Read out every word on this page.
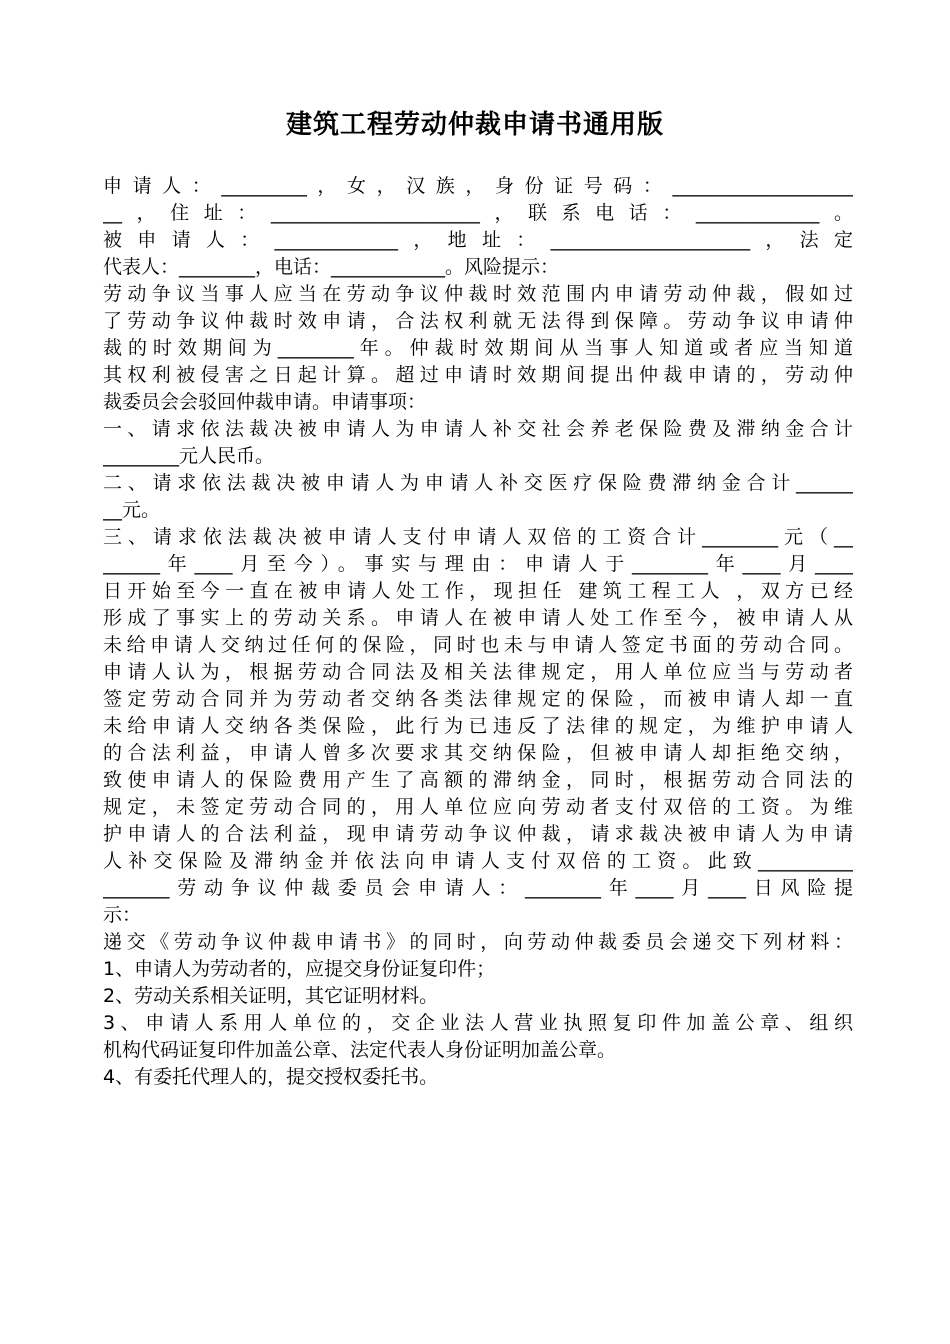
建筑工程劳动仲裁申请书通用版
申请人：_________，女，汉族，身份证号码：___________________
__，住址：______________________，联系电话：_____________。
被申请人：_____________，地址：_____________________，法定
代表人：________，电话：____________。风险提示：
劳动争议当事人应当在劳动争议仲裁时效范围内申请劳动仲裁，假如过
了劳动争议仲裁时效申请，合法权利就无法得到保障。劳动争议申请仲
裁的时效期间为________年。仲裁时效期间从当事人知道或者应当知道
其权利被侵害之日起计算。超过申请时效期间提出仲裁申请的，劳动仲
裁委员会会驳回仲裁申请。申请事项：
一、请求依法裁决被申请人为申请人补交社会养老保险费及滞纳金合计
________元人民币。
二、请求依法裁决被申请人为申请人补交医疗保险费滞纳金合计______
__元。
三、请求依法裁决被申请人支付申请人双倍的工资合计________元（__
______年____月至今）。事实与理由：申请人于________年____月____
日开始至今一直在被申请人处工作，现担任 建筑工程工人 ，双方已经
形成了事实上的劳动关系。申请人在被申请人处工作至今，被申请人从
未给申请人交纳过任何的保险，同时也未与申请人签定书面的劳动合同。
申请人认为，根据劳动合同法及相关法律规定，用人单位应当与劳动者
签定劳动合同并为劳动者交纳各类法律规定的保险，而被申请人却一直
未给申请人交纳各类保险，此行为已违反了法律的规定，为维护申请人
的合法利益，申请人曾多次要求其交纳保险，但被申请人却拒绝交纳，
致使申请人的保险费用产生了高额的滞纳金，同时，根据劳动合同法的
规定，未签定劳动合同的，用人单位应向劳动者支付双倍的工资。为维
护申请人的合法利益，现申请劳动争议仲裁，请求裁决被申请人为申请
人补交保险及滞纳金并依法向申请人支付双倍的工资。此致__________
_______劳动争议仲裁委员会申请人：________年____月____日风险提
示：
递交《劳动争议仲裁申请书》的同时，向劳动仲裁委员会递交下列材料：
1、申请人为劳动者的，应提交身份证复印件；
2、劳动关系相关证明，其它证明材料。
3、申请人系用人单位的，交企业法人营业执照复印件加盖公章、组织
机构代码证复印件加盖公章、法定代表人身份证明加盖公章。
4、有委托代理人的，提交授权委托书。
